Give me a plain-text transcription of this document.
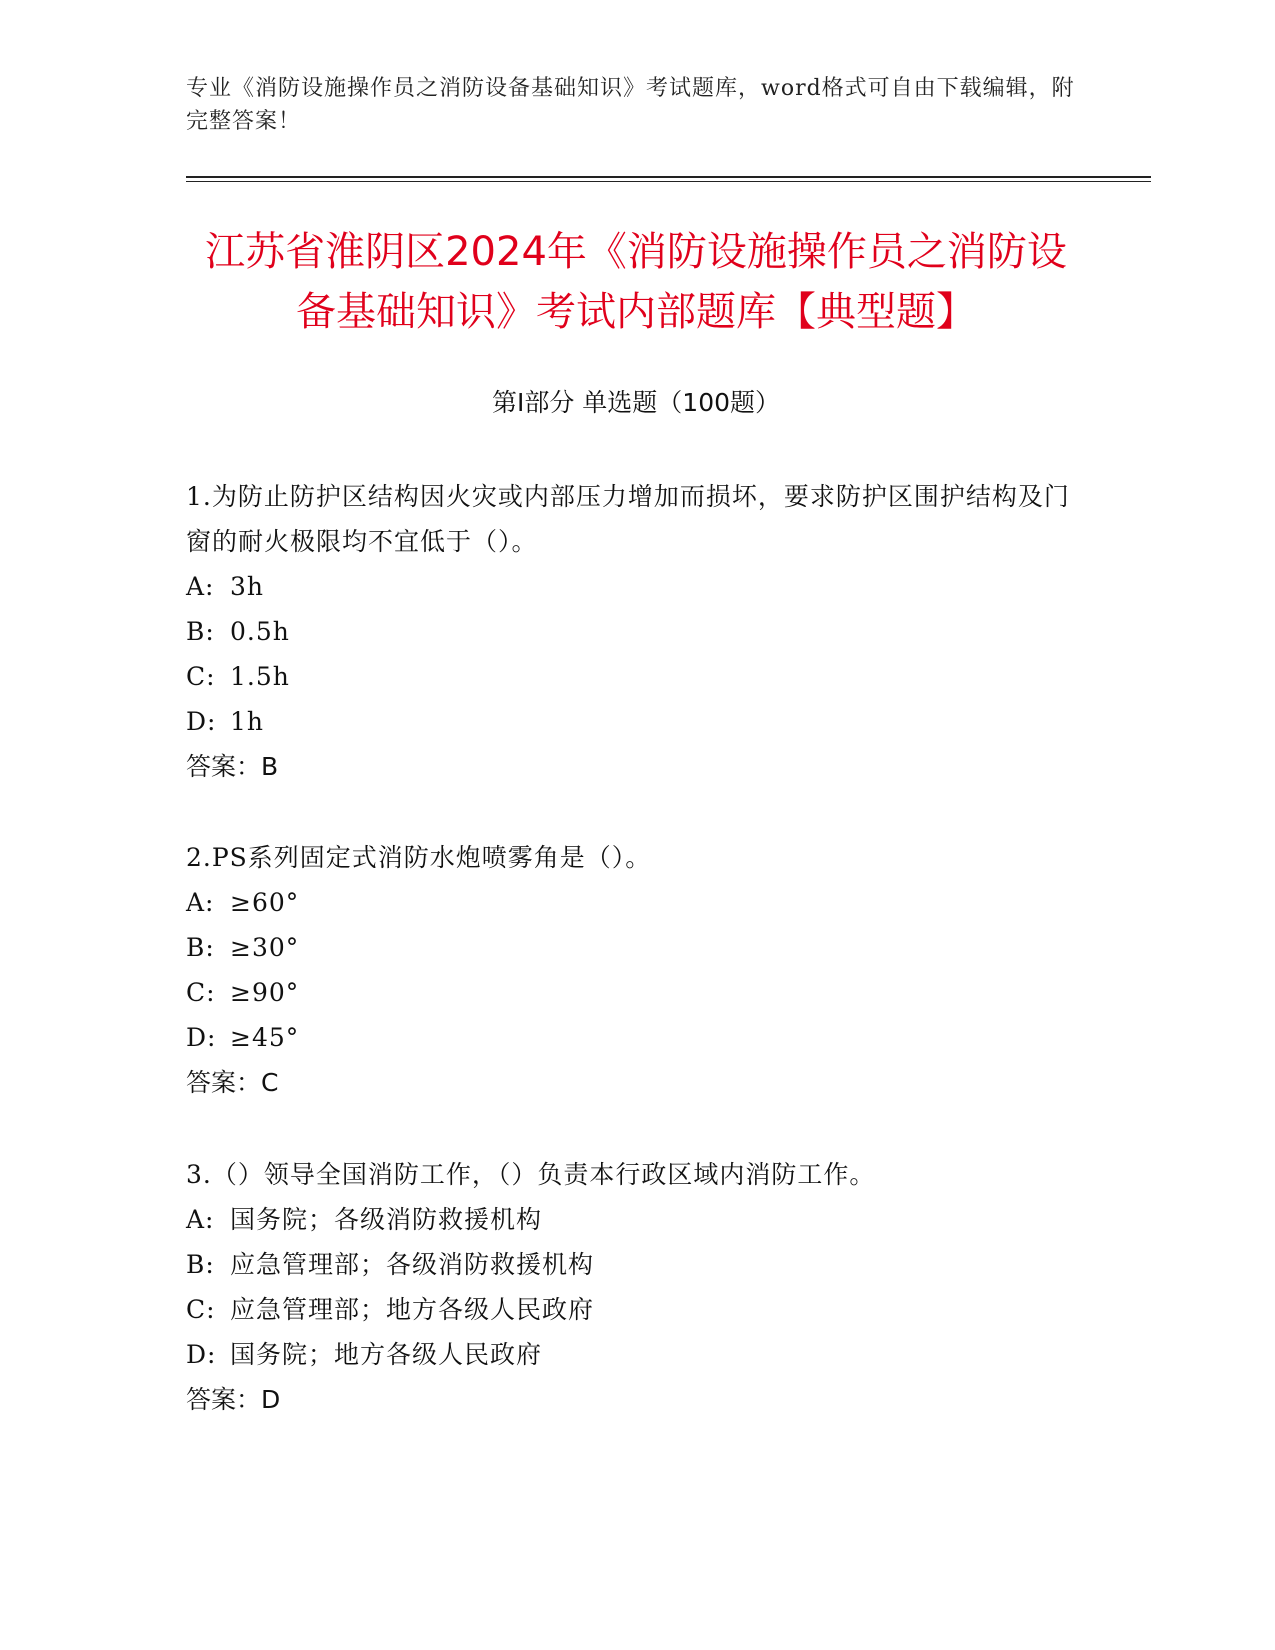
专业《消防设施操作员之消防设备基础知识》考试题库，word格式可自由下载编辑，附完整答案！
江苏省淮阴区2024年《消防设施操作员之消防设备基础知识》考试内部题库【典型题】
第I部分 单选题（100题）

1.为防止防护区结构因火灾或内部压力增加而损坏，要求防护区围护结构及门窗的耐火极限均不宜低于（）。

A: 3h

B: 0.5h

C: 1.5h

D: 1h

答案：B

2.PS系列固定式消防水炮喷雾角是（）。

A: ≥60°

B: ≥30°

C: ≥90°

D: ≥45°

答案：C

3.（）领导全国消防工作，（）负责本行政区域内消防工作。

A: 国务院；各级消防救援机构

B: 应急管理部；各级消防救援机构

C: 应急管理部；地方各级人民政府

D: 国务院；地方各级人民政府

答案：D
